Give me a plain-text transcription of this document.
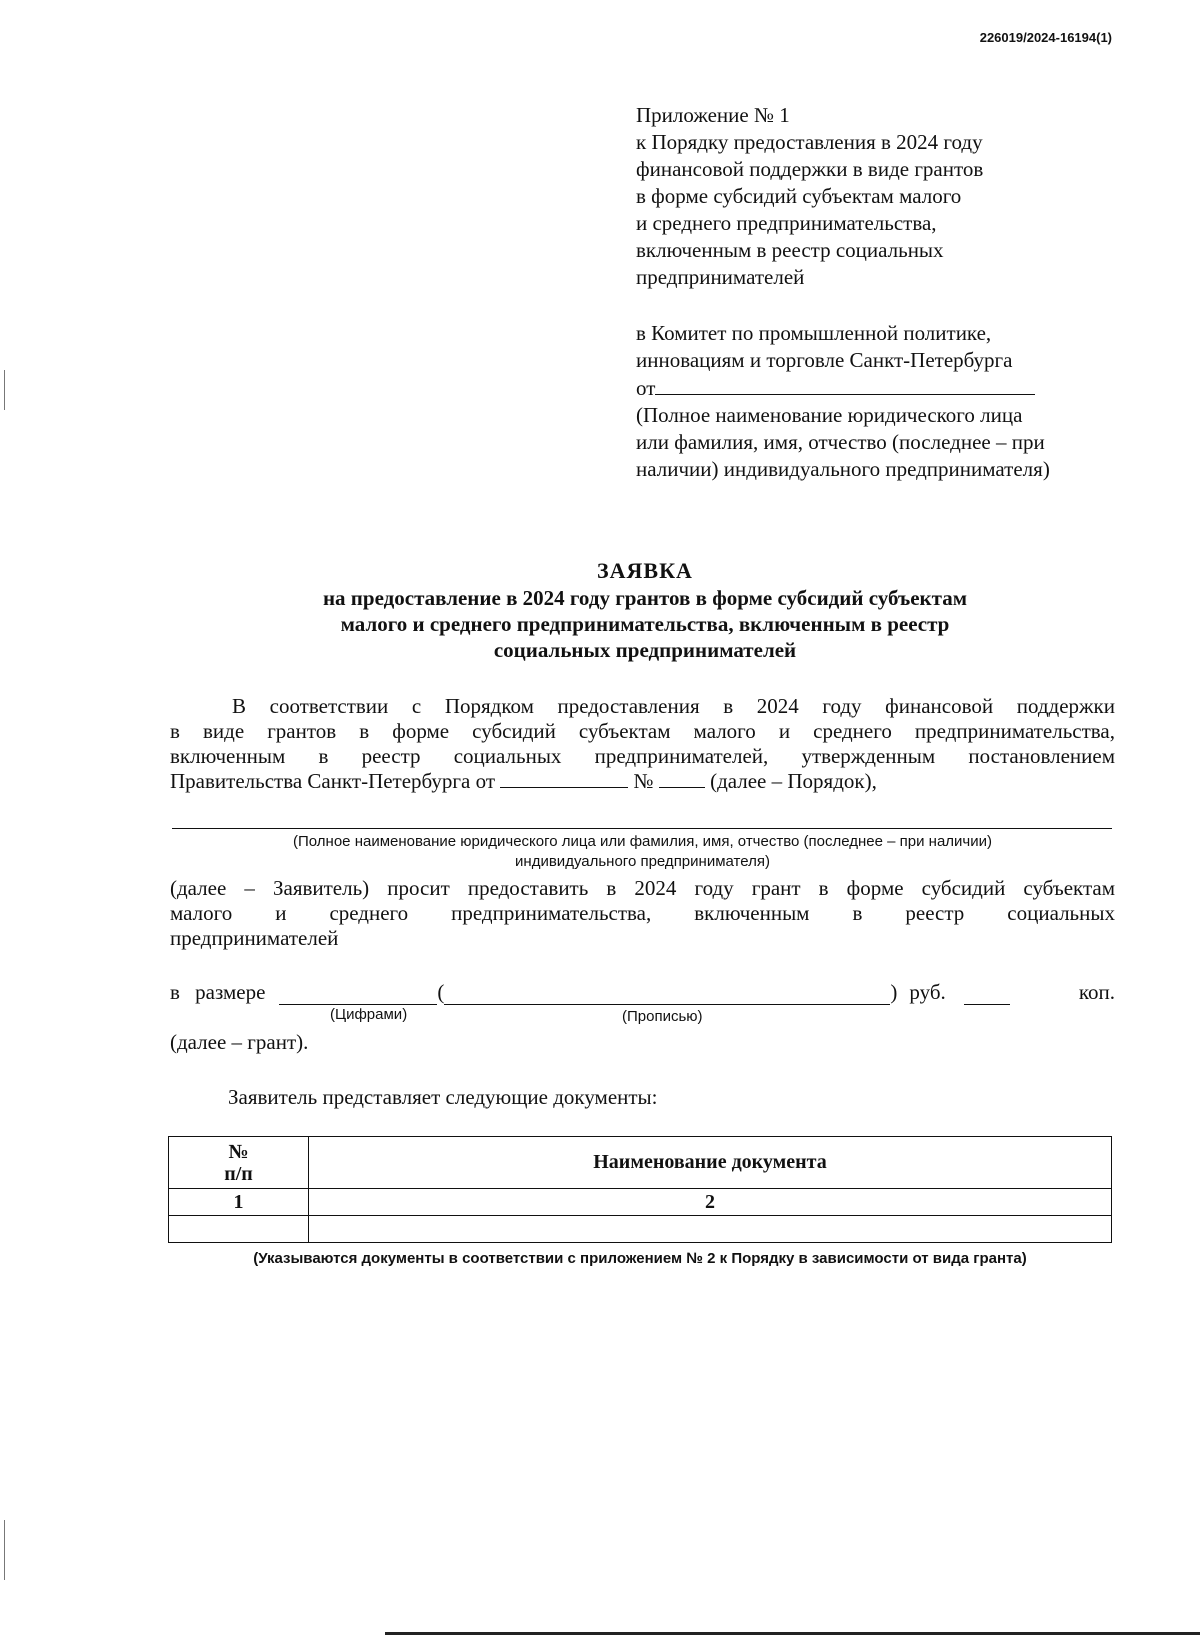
226019/2024-16194(1)
Приложение № 1
к Порядку предоставления в 2024 году
финансовой поддержки в виде грантов
в форме субсидий субъектам малого
и среднего предпринимательства,
включенным в реестр социальных
предпринимателей
в Комитет по промышленной политике,
инновациям и торговле Санкт-Петербурга
от
(Полное наименование юридического лица
или фамилия, имя, отчество (последнее – при
наличии) индивидуального предпринимателя)
ЗАЯВКА
на предоставление в 2024 году грантов в форме субсидий субъектам
малого и среднего предпринимательства, включенным в реестр
социальных предпринимателей
В соответствии с Порядком предоставления в 2024 году финансовой поддержки
в виде грантов в форме субсидий субъектам малого и среднего предпринимательства,
включенным в реестр социальных предпринимателей, утвержденным постановлением
Правительства Санкт-Петербурга от	№	(далее – Порядок),
(Полное наименование юридического лица или фамилия, имя, отчество (последнее – при наличии)
индивидуального предпринимателя)
(далее – Заявитель) просит предоставить в 2024 году грант в форме субсидий субъектам
малого и среднего предпринимательства, включенным в реестр социальных
предпринимателей
в размере	(	) руб.	коп.
(Цифрами)	(Прописью)
(далее – грант).
Заявитель представляет следующие документы:
№
п/п	Наименование документа
1	2

(Указываются документы в соответствии с приложением № 2 к Порядку в зависимости от вида гранта)
